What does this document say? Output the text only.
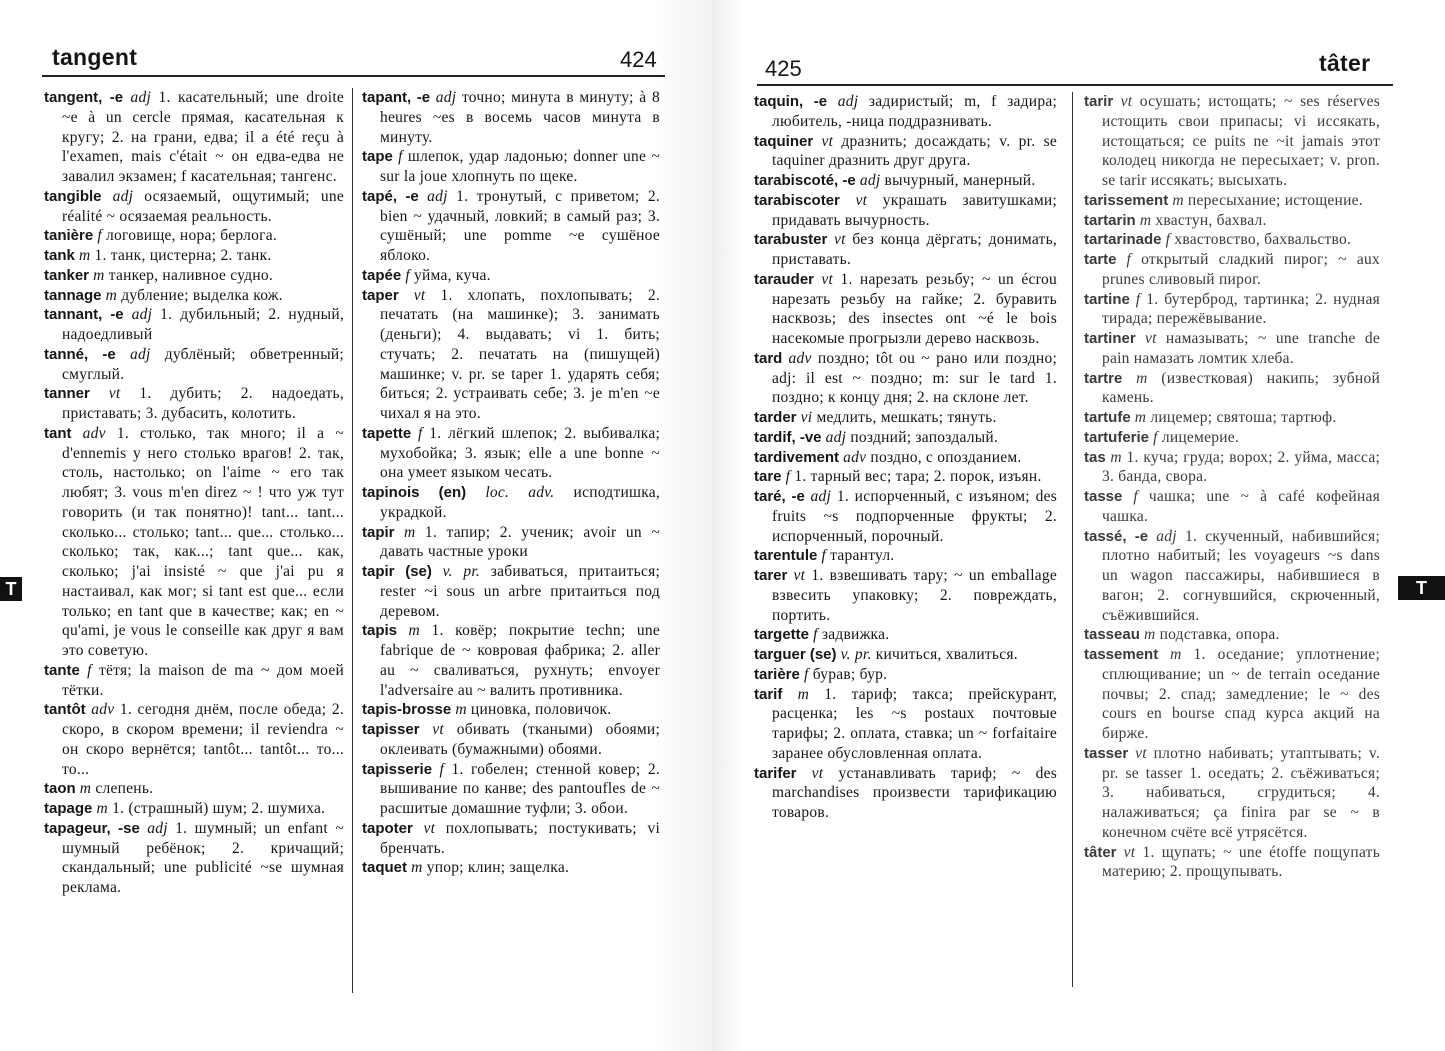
tangent	424
tangent, -e adj 1. касательный; une droite ~e à un cercle прямая, касательная к кругу; 2. на грани, едва; il a été reçu à l'examen, mais c'était ~ он едва-едва не завалил экзамен; f касательная; тангенс.
tangible adj осязаемый, ощутимый; une réalité ~ осязаемая реальность.
tanière f логовище, нора; берлога.
tank m 1. танк, цистерна; 2. танк.
tanker m танкер, наливное судно.
tannage m дубление; выделка кож.
tannant, -e adj 1. дубильный; 2. нудный, надоедливый
tanné, -e adj дублёный; обветренный; смуглый.
tanner vt 1. дубить; 2. надоедать, приставать; 3. дубасить, колотить.
tant adv 1. столько, так много; il a ~ d'ennemis у него столько врагов! 2. так, столь, настолько; on l'aime ~ его так любят; 3. vous m'en direz ~ ! что уж тут говорить (и так понятно)! tant... tant... сколько... столько; tant... que... столько... сколько; так, как...; tant que... как, сколько; j'ai insisté ~ que j'ai pu я настаивал, как мог; si tant est que... если только; en tant que в качестве; как; en ~ qu'ami, je vous le conseille как друг я вам это советую.
tante f тётя; la maison de ma ~ дом моей тётки.
tantôt adv 1. сегодня днём, после обеда; 2. скоро, в скором времени; il reviendra ~ он скоро вернётся; tantôt... tantôt... то... то...
taon m слепень.
tapage m 1. (страшный) шум; 2. шумиха.
tapageur, -se adj 1. шумный; un enfant ~ шумный ребёнок; 2. кричащий; скандальный; une publicité ~se шумная реклама.
tapant, -e adj точно; минута в минуту; à 8 heures ~es в восемь часов минута в минуту.
tape f шлепок, удар ладонью; donner une ~ sur la joue хлопнуть по щеке.
tapé, -e adj 1. тронутый, с приветом; 2. bien ~ удачный, ловкий; в самый раз; 3. сушёный; une pomme ~e сушёное яблоко.
tapée f уйма, куча.
taper vt 1. хлопать, похлопывать; 2. печатать (на машинке); 3. занимать (деньги); 4. выдавать; vi 1. бить; стучать; 2. печатать на (пишущей) машинке; v. pr. se taper 1. ударять себя; биться; 2. устраивать себе; 3. je m'en ~e чихал я на это.
tapette f 1. лёгкий шлепок; 2. выбивалка; мухобойка; 3. язык; elle a une bonne ~ она умеет языком чесать.
tapinois (en) loc. adv. исподтишка, украдкой.
tapir m 1. тапир; 2. ученик; avoir un ~ давать частные уроки
tapir (se) v. pr. забиваться, притаиться; rester ~i sous un arbre притаиться под деревом.
tapis m 1. ковёр; покрытие techn; une fabrique de ~ ковровая фабрика; 2. aller au ~ сваливаться, рухнуть; envoyer l'adversaire au ~ валить противника.
tapis-brosse m циновка, половичок.
tapisser vt обивать (ткаными) обоями; оклеивать (бумажными) обоями.
tapisserie f 1. гобелен; стенной ковер; 2. вышивание по канве; des pantoufles de ~ расшитые домашние туфли; 3. обои.
tapoter vt похлопывать; постукивать; vi бренчать.
taquet m упор; клин; защелка.
T
425	tâter
taquin, -e adj задиристый; m, f задира; любитель, -ница поддразнивать.
taquiner vt дразнить; досаждать; v. pr. se taquiner дразнить друг друга.
tarabiscoté, -e adj вычурный, манерный.
tarabiscoter vt украшать завитушками; придавать вычурность.
tarabuster vt без конца дёргать; донимать, приставать.
tarauder vt 1. нарезать резьбу; ~ un écrou нарезать резьбу на гайке; 2. буравить насквозь; des insectes ont ~é le bois насекомые прогрызли дерево насквозь.
tard adv поздно; tôt ou ~ рано или поздно; adj: il est ~ поздно; m: sur le tard 1. поздно; к концу дня; 2. на склоне лет.
tarder vi медлить, мешкать; тянуть.
tardif, -ve adj поздний; запоздалый.
tardivement adv поздно, с опозданием.
tare f 1. тарный вес; тара; 2. порок, изъян.
taré, -e adj 1. испорченный, с изъяном; des fruits ~s подпорченные фрукты; 2. испорченный, порочный.
tarentule f тарантул.
tarer vt 1. взвешивать тару; ~ un emballage взвесить упаковку; 2. повреждать, портить.
targette f задвижка.
targuer (se) v. pr. кичиться, хвалиться.
tarière f бурав; бур.
tarif m 1. тариф; такса; прейскурант, расценка; les ~s postaux почтовые тарифы; 2. оплата, ставка; un ~ forfaitaire заранее обусловленная оплата.
tarifer vt устанавливать тариф; ~ des marchandises произвести тарификацию товаров.
tarir vt осушать; истощать; ~ ses réserves истощить свои припасы; vi иссякать, истощаться; ce puits ne ~it jamais этот колодец никогда не пересыхает; v. pron. se tarir иссякать; высыхать.
tarissement m пересыхание; истощение.
tartarin m хвастун, бахвал.
tartarinade f хвастовство, бахвальство.
tarte f открытый сладкий пирог; ~ aux prunes сливовый пирог.
tartine f 1. бутерброд, тартинка; 2. нудная тирада; пережёвывание.
tartiner vt намазывать; ~ une tranche de pain намазать ломтик хлеба.
tartre m (известковая) накипь; зубной камень.
tartufe m лицемер; святоша; тартюф.
tartuferie f лицемерие.
tas m 1. куча; груда; ворох; 2. уйма, масса; 3. банда, свора.
tasse f чашка; une ~ à café кофейная чашка.
tassé, -e adj 1. скученный, набившийся; плотно набитый; les voyageurs ~s dans un wagon пассажиры, набившиеся в вагон; 2. согнувшийся, скрюченный, съёжившийся.
tasseau m подставка, опора.
tassement m 1. оседание; уплотнение; сплющивание; un ~ de terrain оседание почвы; 2. спад; замедление; le ~ des cours en bourse спад курса акций на бирже.
tasser vt плотно набивать; утаптывать; v. pr. se tasser 1. оседать; 2. съёживаться; 3. набиваться, сгрудиться; 4. налаживаться; ça finira par se ~ в конечном счёте всё утрясётся.
tâter vt 1. щупать; ~ une étoffe пощупать материю; 2. прощупывать.
T
